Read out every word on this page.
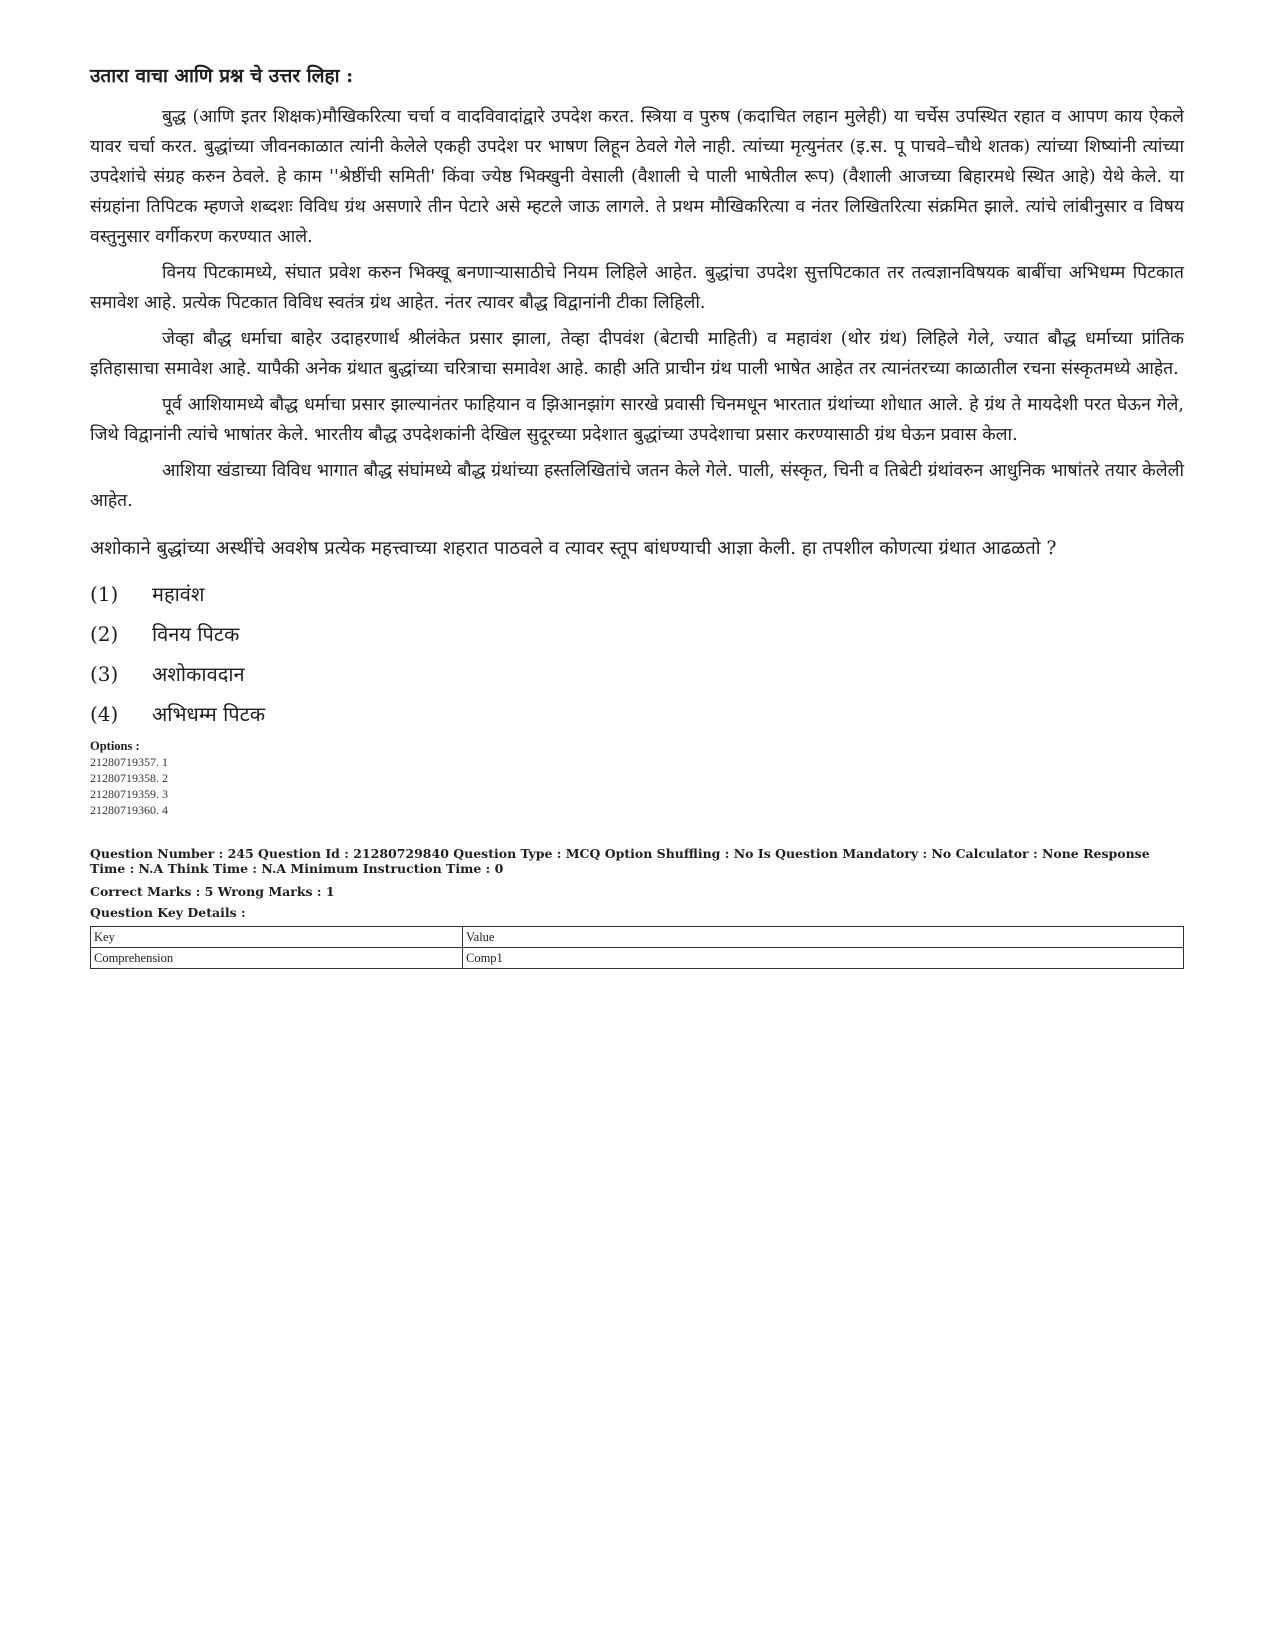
उतारा वाचा आणि प्रश्न चे उत्तर लिहा :

बुद्ध (आणि इतर शिक्षक)मौखिकरित्या चर्चा व वादविवादांद्वारे उपदेश करत. स्त्रिया व पुरुष (कदाचित लहान मुलेही) या चर्चेस उपस्थित रहात व आपण काय ऐकले यावर चर्चा करत. बुद्धांच्या जीवनकाळात त्यांनी केलेले एकही उपदेश पर भाषण लिहून ठेवले गेले नाही. त्यांच्या मृत्युनंतर (इ.स. पू पाचवे–चौथे शतक) त्यांच्या शिष्यांनी त्यांच्या उपदेशांचे संग्रह करुन ठेवले. हे काम ''श्रेष्ठींची समिती' किंवा ज्येष्ठ भिक्खुनी वेसाली (वैशाली चे पाली भाषेतील रूप) (वैशाली आजच्या बिहारमधे स्थित आहे) येथे केले. या संग्रहांना तिपिटक म्हणजे शब्दशः विविध ग्रंथ असणारे तीन पेटारे असे म्हटले जाऊ लागले. ते प्रथम मौखिकरित्या व नंतर लिखितरित्या संक्रमित झाले. त्यांचे लांबीनुसार व विषय वस्तुनुसार वर्गीकरण करण्यात आले.

विनय पिटकामध्ये, संघात प्रवेश करुन भिक्खू बनणाऱ्यासाठीचे नियम लिहिले आहेत. बुद्धांचा उपदेश सुत्तपिटकात तर तत्वज्ञानविषयक बाबींचा अभिधम्म पिटकात समावेश आहे. प्रत्येक पिटकात विविध स्वतंत्र ग्रंथ आहेत. नंतर त्यावर बौद्ध विद्वानांनी टीका लिहिली.

जेव्हा बौद्ध धर्माचा बाहेर उदाहरणार्थ श्रीलंकेत प्रसार झाला, तेव्हा दीपवंश (बेटाची माहिती) व महावंश (थोर ग्रंथ) लिहिले गेले, ज्यात बौद्ध धर्माच्या प्रांतिक इतिहासाचा समावेश आहे. यापैकी अनेक ग्रंथात बुद्धांच्या चरित्राचा समावेश आहे. काही अति प्राचीन ग्रंथ पाली भाषेत आहेत तर त्यानंतरच्या काळातील रचना संस्कृतमध्ये आहेत.

पूर्व आशियामध्ये बौद्ध धर्माचा प्रसार झाल्यानंतर फाहियान व झिआनझांग सारखे प्रवासी चिनमधून भारतात ग्रंथांच्या शोधात आले. हे ग्रंथ ते मायदेशी परत घेऊन गेले, जिथे विद्वानांनी त्यांचे भाषांतर केले. भारतीय बौद्ध उपदेशकांनी देखिल सुदूरच्या प्रदेशात बुद्धांच्या उपदेशाचा प्रसार करण्यासाठी ग्रंथ घेऊन प्रवास केला.

आशिया खंडाच्या विविध भागात बौद्ध संघांमध्ये बौद्ध ग्रंथांच्या हस्तलिखितांचे जतन केले गेले. पाली, संस्कृत, चिनी व तिबेटी ग्रंथांवरुन आधुनिक भाषांतरे तयार केलेली आहेत.

अशोकाने बुद्धांच्या अस्थींचे अवशेष प्रत्येक महत्त्वाच्या शहरात पाठवले व त्यावर स्तूप बांधण्याची आज्ञा केली. हा तपशील कोणत्या ग्रंथात आढळतो ?
(1)	महावंश
(2)	विनय पिटक
(3)	अशोकावदान
(4)	अभिधम्म पिटक
Options :
21280719357. 1
21280719358. 2
21280719359. 3
21280719360. 4
Question Number : 245 Question Id : 21280729840 Question Type : MCQ Option Shuffling : No Is Question Mandatory : No Calculator : None Response Time : N.A Think Time : N.A Minimum Instruction Time : 0
Correct Marks : 5 Wrong Marks : 1
Question Key Details :
Key	Value
Comprehension	Comp1
